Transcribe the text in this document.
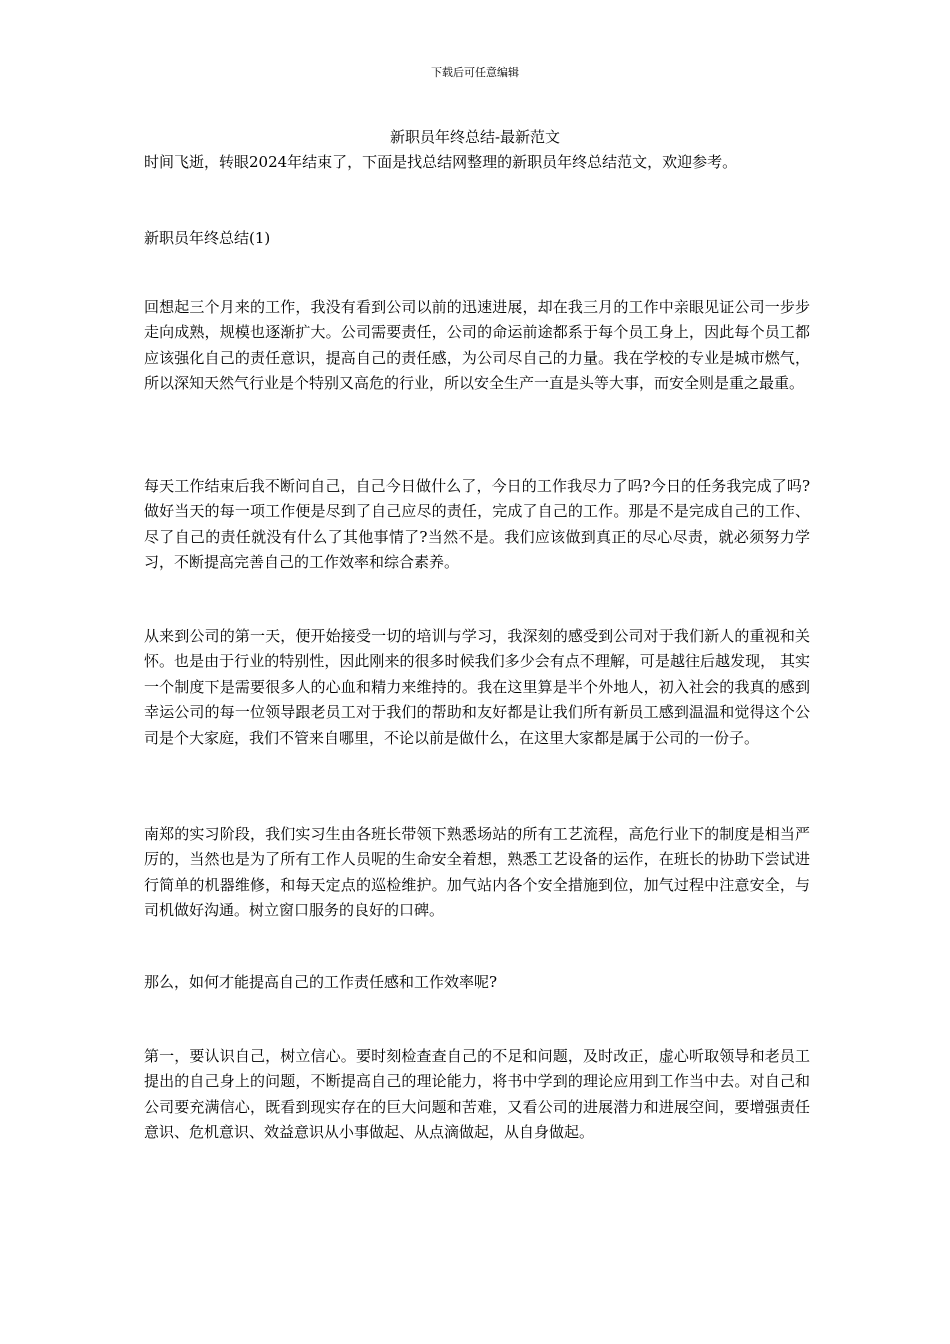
下载后可任意编辑
新职员年终总结-最新范文
时间飞逝，转眼2024年结束了，下面是找总结网整理的新职员年终总结范文，欢迎参考。
新职员年终总结(1)
回想起三个月来的工作，我没有看到公司以前的迅速进展，却在我三月的工作中亲眼见证公司一步步走向成熟，规模也逐渐扩大。公司需要责任，公司的命运前途都系于每个员工身上，因此每个员工都应该强化自己的责任意识，提高自己的责任感，为公司尽自己的力量。我在学校的专业是城市燃气，所以深知天然气行业是个特别又高危的行业，所以安全生产一直是头等大事，而安全则是重之最重。
每天工作结束后我不断问自己，自己今日做什么了，今日的工作我尽力了吗?今日的任务我完成了吗?做好当天的每一项工作便是尽到了自己应尽的责任，完成了自己的工作。那是不是完成自己的工作、尽了自己的责任就没有什么了其他事情了?当然不是。我们应该做到真正的尽心尽责，就必须努力学习，不断提高完善自己的工作效率和综合素养。
从来到公司的第一天，便开始接受一切的培训与学习，我深刻的感受到公司对于我们新人的重视和关怀。也是由于行业的特别性，因此刚来的很多时候我们多少会有点不理解，可是越往后越发现， 其实一个制度下是需要很多人的心血和精力来维持的。我在这里算是半个外地人，初入社会的我真的感到幸运公司的每一位领导跟老员工对于我们的帮助和友好都是让我们所有新员工感到温温和觉得这个公司是个大家庭，我们不管来自哪里，不论以前是做什么，在这里大家都是属于公司的一份子。
南郑的实习阶段，我们实习生由各班长带领下熟悉场站的所有工艺流程，高危行业下的制度是相当严厉的，当然也是为了所有工作人员呢的生命安全着想，熟悉工艺设备的运作，在班长的协助下尝试进行简单的机器维修，和每天定点的巡检维护。加气站内各个安全措施到位，加气过程中注意安全，与司机做好沟通。树立窗口服务的良好的口碑。
那么，如何才能提高自己的工作责任感和工作效率呢?
第一，要认识自己，树立信心。要时刻检查查自己的不足和问题，及时改正，虚心听取领导和老员工提出的自己身上的问题，不断提高自己的理论能力，将书中学到的理论应用到工作当中去。对自己和公司要充满信心，既看到现实存在的巨大问题和苦难，又看公司的进展潜力和进展空间，要增强责任意识、危机意识、效益意识从小事做起、从点滴做起，从自身做起。
